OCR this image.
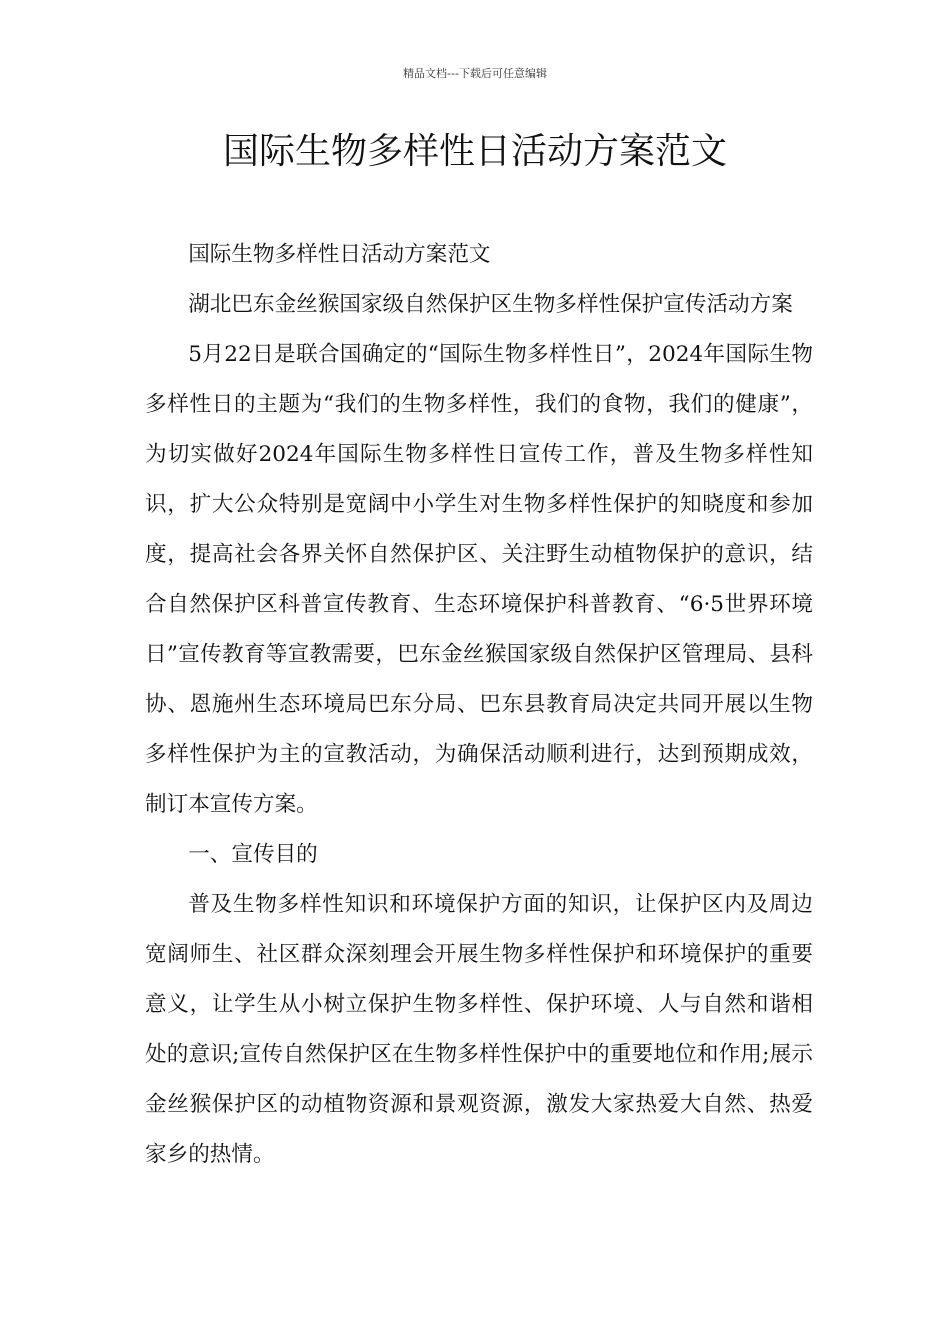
精品文档---下载后可任意编辑
国际生物多样性日活动方案范文

国际生物多样性日活动方案范文

湖北巴东金丝猴国家级自然保护区生物多样性保护宣传活动方案

5月22日是联合国确定的“国际生物多样性日”，2024年国际生物多样性日的主题为“我们的生物多样性，我们的食物，我们的健康”，为切实做好2024年国际生物多样性日宣传工作，普及生物多样性知识，扩大公众特别是宽阔中小学生对生物多样性保护的知晓度和参加度，提高社会各界关怀自然保护区、关注野生动植物保护的意识，结合自然保护区科普宣传教育、生态环境保护科普教育、“6·5世界环境日”宣传教育等宣教需要，巴东金丝猴国家级自然保护区管理局、县科协、恩施州生态环境局巴东分局、巴东县教育局决定共同开展以生物多样性保护为主的宣教活动，为确保活动顺利进行，达到预期成效，制订本宣传方案。

一、宣传目的

普及生物多样性知识和环境保护方面的知识，让保护区内及周边宽阔师生、社区群众深刻理会开展生物多样性保护和环境保护的重要意义，让学生从小树立保护生物多样性、保护环境、人与自然和谐相处的意识;宣传自然保护区在生物多样性保护中的重要地位和作用;展示金丝猴保护区的动植物资源和景观资源，激发大家热爱大自然、热爱家乡的热情。
